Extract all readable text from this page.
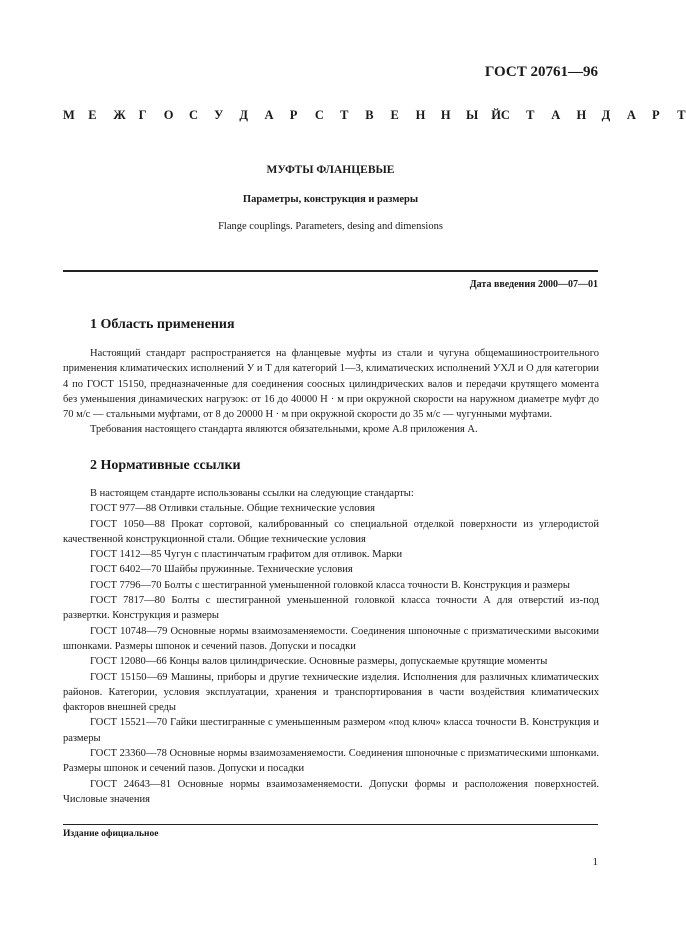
ГОСТ 20761—96
М	Е	Ж	Г	О	С	У	Д	А	Р	С	Т	В	Е	Н	Н	Ы	Й С	Т	А	Н	Д	А	Р	Т
МУФТЫ ФЛАНЦЕВЫЕ
Параметры, конструкция и размеры
Flange couplings. Parameters, desing and dimensions
Дата введения 2000—07—01
1 Область применения

Настоящий стандарт распространяется на фланцевые муфты из стали и чугуна общемашиностроительного применения климатических исполнений У и Т для категорий 1—3, климатических исполнений УХЛ и О для категории 4 по ГОСТ 15150, предназначенные для соединения соосных цилиндрических валов и передачи крутящего момента без уменьшения динамических нагрузок: от 16 до 40000 Н · м при окружной скорости на наружном диаметре муфт до 70 м/с — стальными муфтами, от 8 до 20000 Н · м при окружной скорости до 35 м/с — чугунными муфтами.

Требования настоящего стандарта являются обязательными, кроме А.8 приложения А.

2 Нормативные ссылки

В настоящем стандарте использованы ссылки на следующие стандарты:

ГОСТ 977—88 Отливки стальные. Общие технические условия

ГОСТ 1050—88 Прокат сортовой, калиброванный со специальной отделкой поверхности из углеродистой качественной конструкционной стали. Общие технические условия

ГОСТ 1412—85 Чугун с пластинчатым графитом для отливок. Марки

ГОСТ 6402—70 Шайбы пружинные. Технические условия

ГОСТ 7796—70 Болты с шестигранной уменьшенной головкой класса точности В. Конструкция и размеры

ГОСТ 7817—80 Болты с шестигранной уменьшенной головкой класса точности А для отверстий из-под развертки. Конструкция и размеры

ГОСТ 10748—79 Основные нормы взаимозаменяемости. Соединения шпоночные с призматическими высокими шпонками. Размеры шпонок и сечений пазов. Допуски и посадки

ГОСТ 12080—66 Концы валов цилиндрические. Основные размеры, допускаемые крутящие моменты

ГОСТ 15150—69 Машины, приборы и другие технические изделия. Исполнения для различных климатических районов. Категории, условия эксплуатации, хранения и транспортирования в части воздействия климатических факторов внешней среды

ГОСТ 15521—70 Гайки шестигранные с уменьшенным размером «под ключ» класса точности В. Конструкция и размеры

ГОСТ 23360—78 Основные нормы взаимозаменяемости. Соединения шпоночные с призматическими шпонками. Размеры шпонок и сечений пазов. Допуски и посадки

ГОСТ 24643—81 Основные нормы взаимозаменяемости. Допуски формы и расположения поверхностей. Числовые значения

Издание официальное
1
